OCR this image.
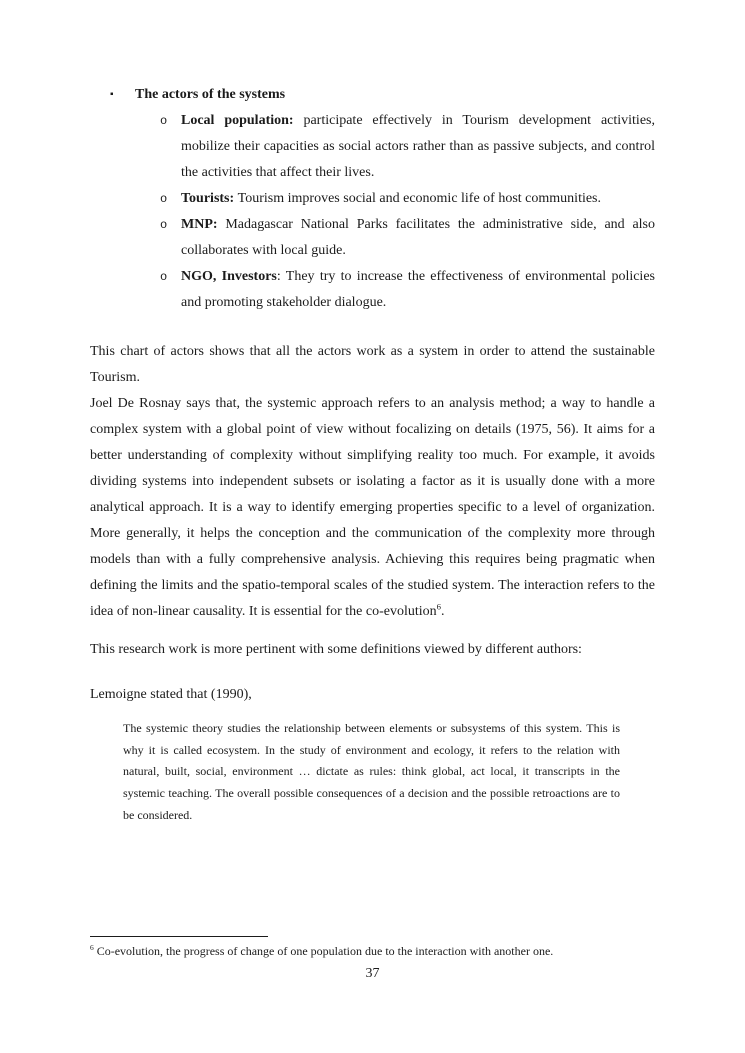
▪ The actors of the systems
o Local population: participate effectively in Tourism development activities, mobilize their capacities as social actors rather than as passive subjects, and control the activities that affect their lives.
o Tourists: Tourism improves social and economic life of host communities.
o MNP: Madagascar National Parks facilitates the administrative side, and also collaborates with local guide.
o NGO, Investors: They try to increase the effectiveness of environmental policies and promoting stakeholder dialogue.

This chart of actors shows that all the actors work as a system in order to attend the sustainable Tourism.

Joel De Rosnay says that, the systemic approach refers to an analysis method; a way to handle a complex system with a global point of view without focalizing on details (1975, 56). It aims for a better understanding of complexity without simplifying reality too much. For example, it avoids dividing systems into independent subsets or isolating a factor as it is usually done with a more analytical approach. It is a way to identify emerging properties specific to a level of organization. More generally, it helps the conception and the communication of the complexity more through models than with a fully comprehensive analysis. Achieving this requires being pragmatic when defining the limits and the spatio-temporal scales of the studied system. The interaction refers to the idea of non-linear causality. It is essential for the co-evolution$^6$.

This research work is more pertinent with some definitions viewed by different authors:

Lemoigne stated that (1990),

The systemic theory studies the relationship between elements or subsystems of this system. This is why it is called ecosystem. In the study of environment and ecology, it refers to the relation with natural, built, social, environment … dictate as rules: think global, act local, it transcripts in the systemic teaching. The overall possible consequences of a decision and the possible retroactions are to be considered.
$^6$ Co-evolution, the progress of change of one population due to the interaction with another one.
37
